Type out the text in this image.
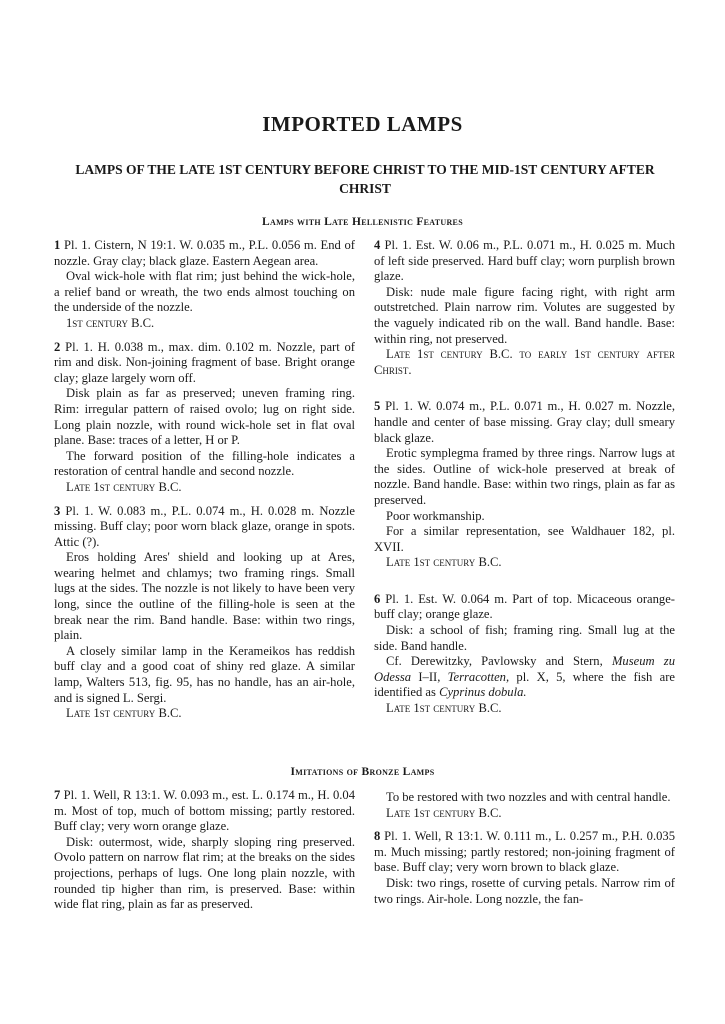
IMPORTED LAMPS
LAMPS OF THE LATE 1ST CENTURY BEFORE CHRIST TO THE MID-1ST CENTURY AFTER CHRIST
Lamps with Late Hellenistic Features

1 Pl. 1. Cistern, N 19:1. W. 0.035 m., P.L. 0.056 m. End of nozzle. Gray clay; black glaze. Eastern Aegean area.

Oval wick-hole with flat rim; just behind the wick-hole, a relief band or wreath, the two ends almost touching on the underside of the nozzle.

1st century B.C.

2 Pl. 1. H. 0.038 m., max. dim. 0.102 m. Nozzle, part of rim and disk. Non-joining fragment of base. Bright orange clay; glaze largely worn off.

Disk plain as far as preserved; uneven framing ring. Rim: irregular pattern of raised ovolo; lug on right side. Long plain nozzle, with round wick-hole set in flat oval plane. Base: traces of a letter, H or P.

The forward position of the filling-hole indicates a restoration of central handle and second nozzle.

Late 1st century B.C.

3 Pl. 1. W. 0.083 m., P.L. 0.074 m., H. 0.028 m. Nozzle missing. Buff clay; poor worn black glaze, orange in spots. Attic (?).

Eros holding Ares' shield and looking up at Ares, wearing helmet and chlamys; two framing rings. Small lugs at the sides. The nozzle is not likely to have been very long, since the outline of the filling-hole is seen at the break near the rim. Band handle. Base: within two rings, plain.

A closely similar lamp in the Kerameikos has reddish buff clay and a good coat of shiny red glaze. A similar lamp, Walters 513, fig. 95, has no handle, has an air-hole, and is signed L. Sergi.

Late 1st century B.C.

4 Pl. 1. Est. W. 0.06 m., P.L. 0.071 m., H. 0.025 m. Much of left side preserved. Hard buff clay; worn purplish brown glaze.

Disk: nude male figure facing right, with right arm outstretched. Plain narrow rim. Volutes are suggested by the vaguely indicated rib on the wall. Band handle. Base: within ring, not preserved.

Late 1st century B.C. to early 1st century after Christ.

5 Pl. 1. W. 0.074 m., P.L. 0.071 m., H. 0.027 m. Nozzle, handle and center of base missing. Gray clay; dull smeary black glaze.

Erotic symplegma framed by three rings. Narrow lugs at the sides. Outline of wick-hole preserved at break of nozzle. Band handle. Base: within two rings, plain as far as preserved.

Poor workmanship.

For a similar representation, see Waldhauer 182, pl. XVII.

Late 1st century B.C.

6 Pl. 1. Est. W. 0.064 m. Part of top. Micaceous orange-buff clay; orange glaze.

Disk: a school of fish; framing ring. Small lug at the side. Band handle.

Cf. Derewitzky, Pavlowsky and Stern, Museum zu Odessa I–II, Terracotten, pl. X, 5, where the fish are identified as Cyprinus dobula.

Late 1st century B.C.

Imitations of Bronze Lamps

7 Pl. 1. Well, R 13:1. W. 0.093 m., est. L. 0.174 m., H. 0.04 m. Most of top, much of bottom missing; partly restored. Buff clay; very worn orange glaze.

Disk: outermost, wide, sharply sloping ring preserved. Ovolo pattern on narrow flat rim; at the breaks on the sides projections, perhaps of lugs. One long plain nozzle, with rounded tip higher than rim, is preserved. Base: within wide flat ring, plain as far as preserved.

To be restored with two nozzles and with central handle.

Late 1st century B.C.

8 Pl. 1. Well, R 13:1. W. 0.111 m., L. 0.257 m., P.H. 0.035 m. Much missing; partly restored; non-joining fragment of base. Buff clay; very worn brown to black glaze.

Disk: two rings, rosette of curving petals. Narrow rim of two rings. Air-hole. Long nozzle, the fan-
